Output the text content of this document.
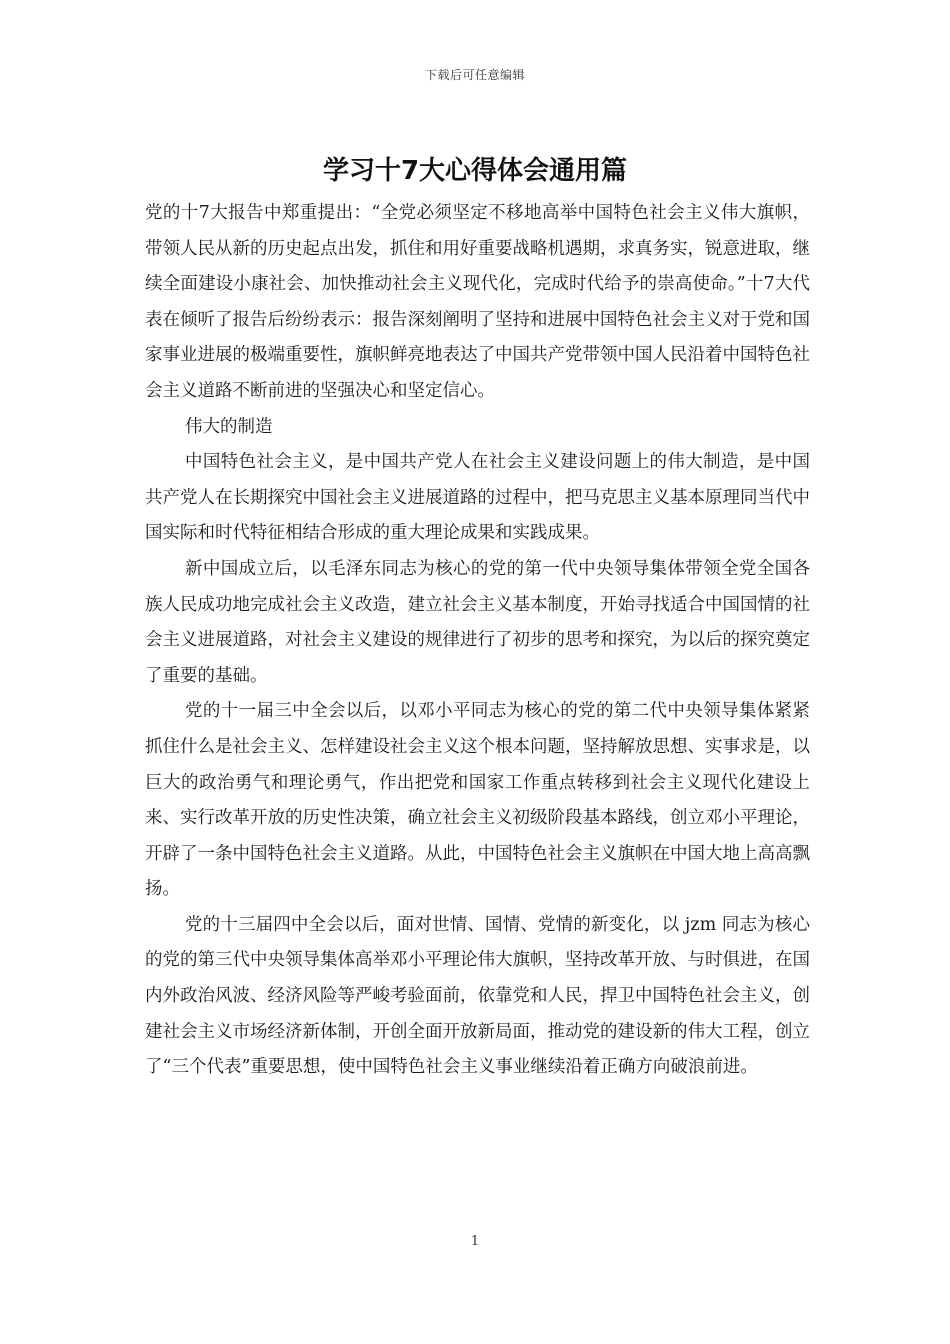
下载后可任意编辑
学习十7大心得体会通用篇

党的十7大报告中郑重提出：“全党必须坚定不移地高举中国特色社会主义伟大旗帜，带领人民从新的历史起点出发，抓住和用好重要战略机遇期，求真务实，锐意进取，继续全面建设小康社会、加快推动社会主义现代化，完成时代给予的崇高使命。”十7大代表在倾听了报告后纷纷表示：报告深刻阐明了坚持和进展中国特色社会主义对于党和国家事业进展的极端重要性，旗帜鲜亮地表达了中国共产党带领中国人民沿着中国特色社会主义道路不断前进的坚强决心和坚定信心。

伟大的制造

中国特色社会主义，是中国共产党人在社会主义建设问题上的伟大制造，是中国共产党人在长期探究中国社会主义进展道路的过程中，把马克思主义基本原理同当代中国实际和时代特征相结合形成的重大理论成果和实践成果。

新中国成立后，以毛泽东同志为核心的党的第一代中央领导集体带领全党全国各族人民成功地完成社会主义改造，建立社会主义基本制度，开始寻找适合中国国情的社会主义进展道路，对社会主义建设的规律进行了初步的思考和探究，为以后的探究奠定了重要的基础。

党的十一届三中全会以后，以邓小平同志为核心的党的第二代中央领导集体紧紧抓住什么是社会主义、怎样建设社会主义这个根本问题，坚持解放思想、实事求是，以巨大的政治勇气和理论勇气，作出把党和国家工作重点转移到社会主义现代化建设上来、实行改革开放的历史性决策，确立社会主义初级阶段基本路线，创立邓小平理论，开辟了一条中国特色社会主义道路。从此，中国特色社会主义旗帜在中国大地上高高飘扬。

党的十三届四中全会以后，面对世情、国情、党情的新变化，以 jzm 同志为核心的党的第三代中央领导集体高举邓小平理论伟大旗帜，坚持改革开放、与时俱进，在国内外政治风波、经济风险等严峻考验面前，依靠党和人民，捍卫中国特色社会主义，创建社会主义市场经济新体制，开创全面开放新局面，推动党的建设新的伟大工程，创立了“三个代表”重要思想，使中国特色社会主义事业继续沿着正确方向破浪前进。

1
